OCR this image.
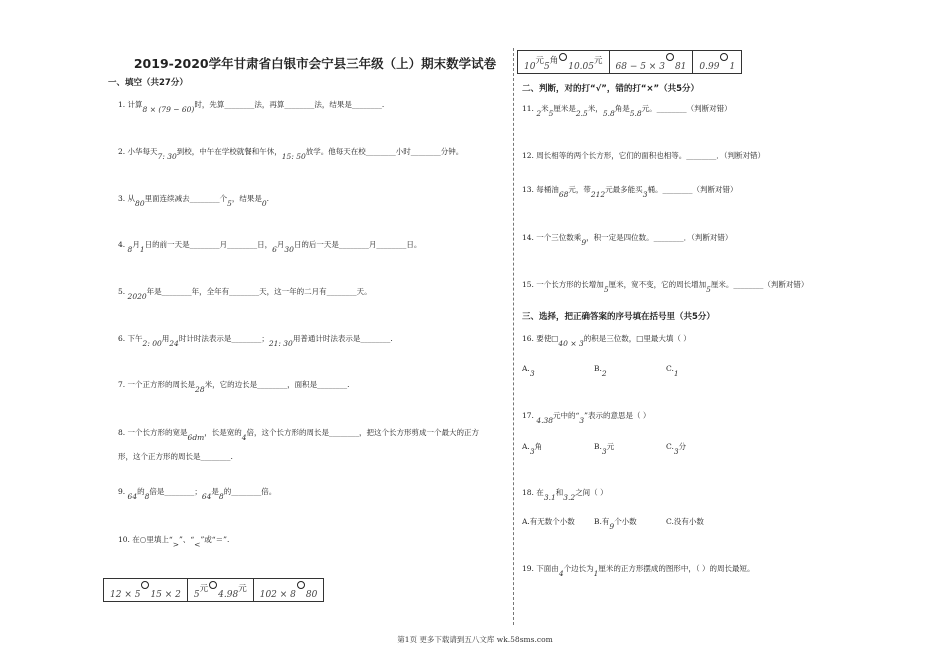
2019-2020学年甘肃省白银市会宁县三年级（上）期末数学试卷
一、填空（共27分）
1. 计算8 × (79 − 60)时，先算________法，再算________法，结果是________.
2. 小华每天7: 30到校，中午在学校就餐和午休，15: 50放学。他每天在校________小时________分钟。
3. 从80里面连续减去________个5，结果是0.
4. 8月1日的前一天是________月________日，6月30日的后一天是________月________日。
5. 2020年是________年，全年有________天，这一年的二月有________天。
6. 下午2: 00用24时计时法表示是________；21: 30用普通计时法表示是________.
7. 一个正方形的周长是28米，它的边长是________，面积是________.
8. 一个长方形的宽是6dm，长是宽的4倍，这个长方形的周长是________，把这个长方形剪成一个最大的正方
形，这个正方形的周长是________.
9. 64的8倍是________；64是8的________倍。
10. 在○里填上“>”、“<”或“＝”.
12 × 5 15 × 2	5元4.98元	102 × 8 80
10元5角10.05元	68 − 5 × 3 81	0.99 1
二、判断，对的打“√”，错的打“×”（共5分）
11. 2米5厘米是2.5米，5.8角是5.8元。________（判断对错）
12. 周长相等的两个长方形，它们的面积也相等。________．（判断对错）
13. 每桶油68元，带212元最多能买3桶。________（判断对错）
14. 一个三位数乘9，积一定是四位数。________．（判断对错）
15. 一个长方形的长增加5厘米，宽不变，它的周长增加5厘米。________（判断对错）
三、选择，把正确答案的序号填在括号里（共5分）
16. 要使□40 × 3的积是三位数，□里最大填（ ）
A.3
B.2
C.1
17. 4.38元中的“3”表示的意思是（ ）
A.3角	B.3元	C.3分
18. 在3.1和3.2之间（ ）
A.有无数个小数	B.有9个小数	C.没有小数
19. 下面由4个边长为1厘米的正方形摆成的图形中，（ ）的周长最短。
第1页 更多下载请到五八文库 wk.58sms.com
